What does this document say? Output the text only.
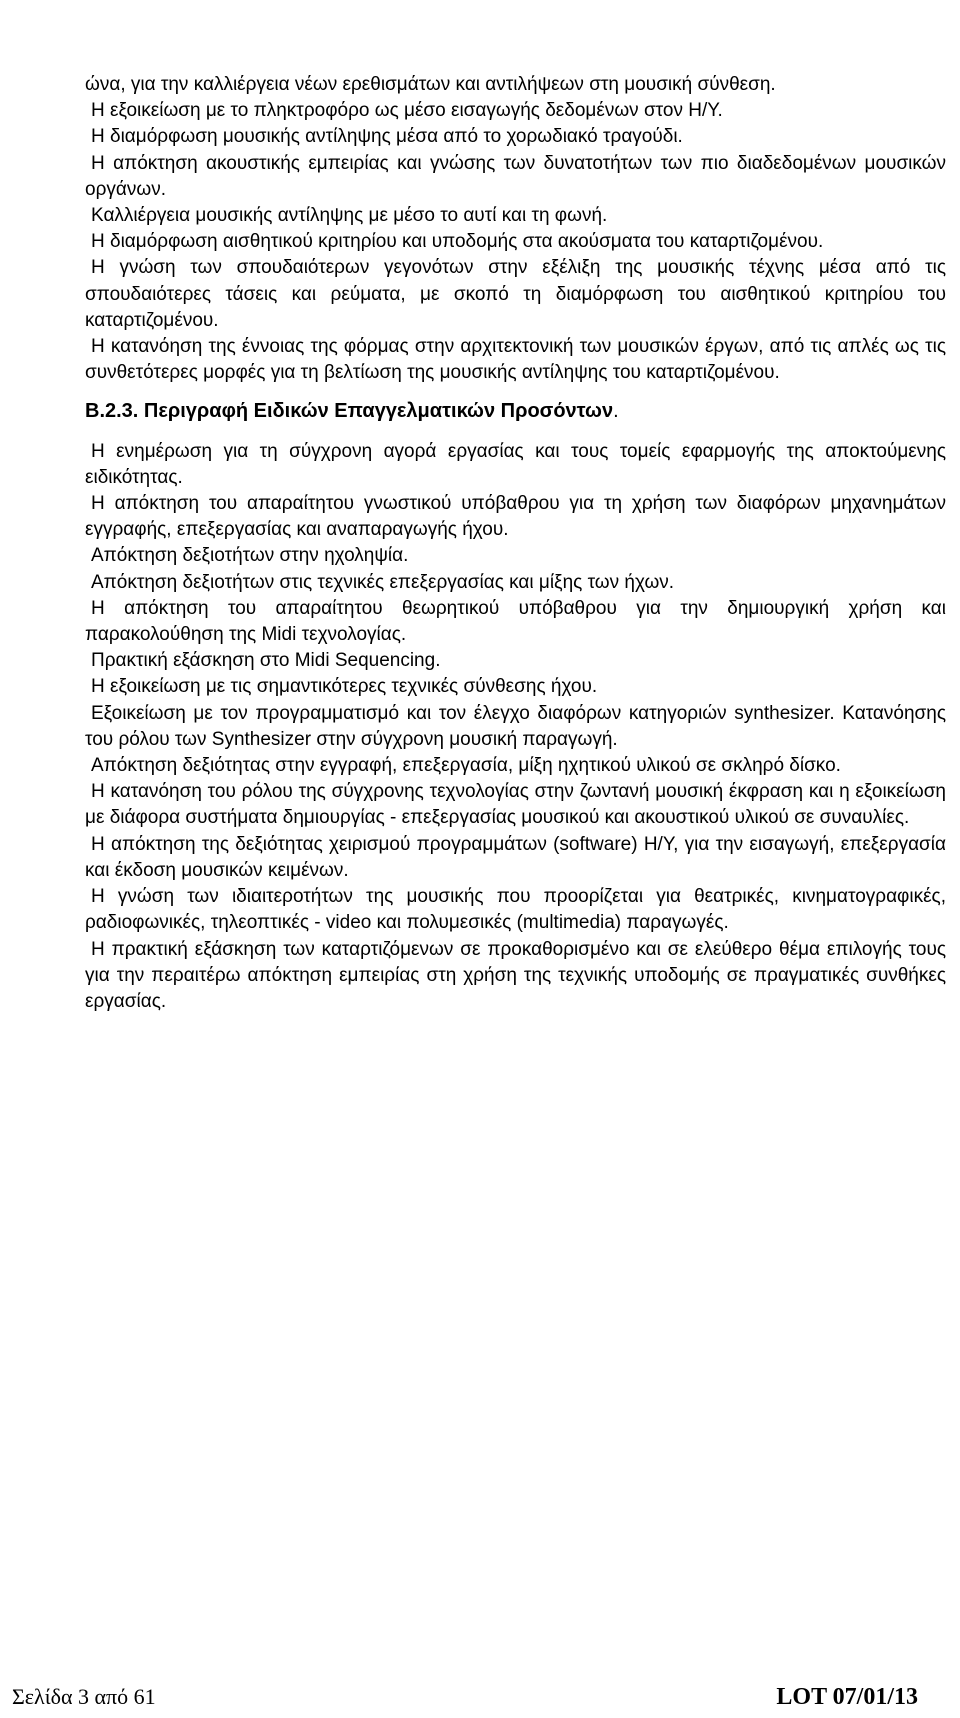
ΟΔΗΓΟΣ ΚΑΤΑΡΤΙΣΗΣ ΕΙΔΙΚΟΤΗΤΑΣ ΜΟΥΣΙΚΗ ΜΕ ΤΕΧΝΟΛΟΓΙΑ

ώνα, για την καλλιέργεια νέων ερεθισμάτων και αντιλήψεων στη μουσική σύνθεση.

Η εξοικείωση με το πληκτροφόρο ως μέσο εισαγωγής δεδομένων στον Η/Υ.

Η διαμόρφωση μουσικής αντίληψης μέσα από το χορωδιακό τραγούδι.

Η απόκτηση ακουστικής εμπειρίας και γνώσης των δυνατοτήτων των πιο διαδεδομένων μουσικών οργάνων.

Καλλιέργεια μουσικής αντίληψης με μέσο το αυτί και τη φωνή.

Η διαμόρφωση αισθητικού κριτηρίου και υποδομής στα ακούσματα του καταρτιζομένου.

Η γνώση των σπουδαιότερων γεγονότων στην εξέλιξη της μουσικής τέχνης μέσα από τις σπουδαιότερες τάσεις και ρεύματα, με σκοπό τη διαμόρφωση του αισθητικού κριτηρίου του καταρτιζομένου.

Η κατανόηση της έννοιας της φόρμας στην αρχιτεκτονική των μουσικών έργων, από τις απλές ως τις συνθετότερες μορφές για τη βελτίωση της μουσικής αντίληψης του καταρτιζομένου.

Β.2.3. Περιγραφή Ειδικών Επαγγελματικών Προσόντων.

Η ενημέρωση για τη σύγχρονη αγορά εργασίας και τους τομείς εφαρμογής της αποκτούμενης ειδικότητας.

Η απόκτηση του απαραίτητου γνωστικού υπόβαθρου για τη χρήση των διαφόρων μηχανημάτων εγγραφής, επεξεργασίας και αναπαραγωγής ήχου.

Απόκτηση δεξιοτήτων στην ηχοληψία.

Απόκτηση δεξιοτήτων στις τεχνικές επεξεργασίας και μίξης των ήχων.

Η απόκτηση του απαραίτητου θεωρητικού υπόβαθρου για την δημιουργική χρήση και παρακολούθηση της Midi τεχνολογίας.

Πρακτική εξάσκηση στο Midi Sequencing.

Η εξοικείωση με τις σημαντικότερες τεχνικές σύνθεσης ήχου.

Εξοικείωση με τον προγραμματισμό και τον έλεγχο διαφόρων κατηγοριών synthesizer. Κατανόησης του ρόλου των Synthesizer στην σύγχρονη μουσική παραγωγή.

Απόκτηση δεξιότητας στην εγγραφή, επεξεργασία, μίξη ηχητικού υλικού σε σκληρό δίσκο.

Η κατανόηση του ρόλου της σύγχρονης τεχνολογίας στην ζωντανή μουσική έκφραση και η εξοικείωση με διάφορα συστήματα δημιουργίας - επεξεργασίας μουσικού και ακουστικού υλικού σε συναυλίες.

Η απόκτηση της δεξιότητας χειρισμού προγραμμάτων (software) Η/Υ, για την εισαγωγή, επεξεργασία και έκδοση μουσικών κειμένων.

Η γνώση των ιδιαιτεροτήτων της μουσικής που προορίζεται για θεατρικές, κινηματογραφικές, ραδιοφωνικές, τηλεοπτικές - video και πολυμεσικές (multimedia) παραγωγές.

Η πρακτική εξάσκηση των καταρτιζόμενων σε προκαθορισμένο και σε ελεύθερο θέμα επιλογής τους για την περαιτέρω απόκτηση εμπειρίας στη χρήση της τεχνικής υποδομής σε πραγματικές συνθήκες εργασίας.

Σελίδα 3 από 61	LOT 07/01/13
